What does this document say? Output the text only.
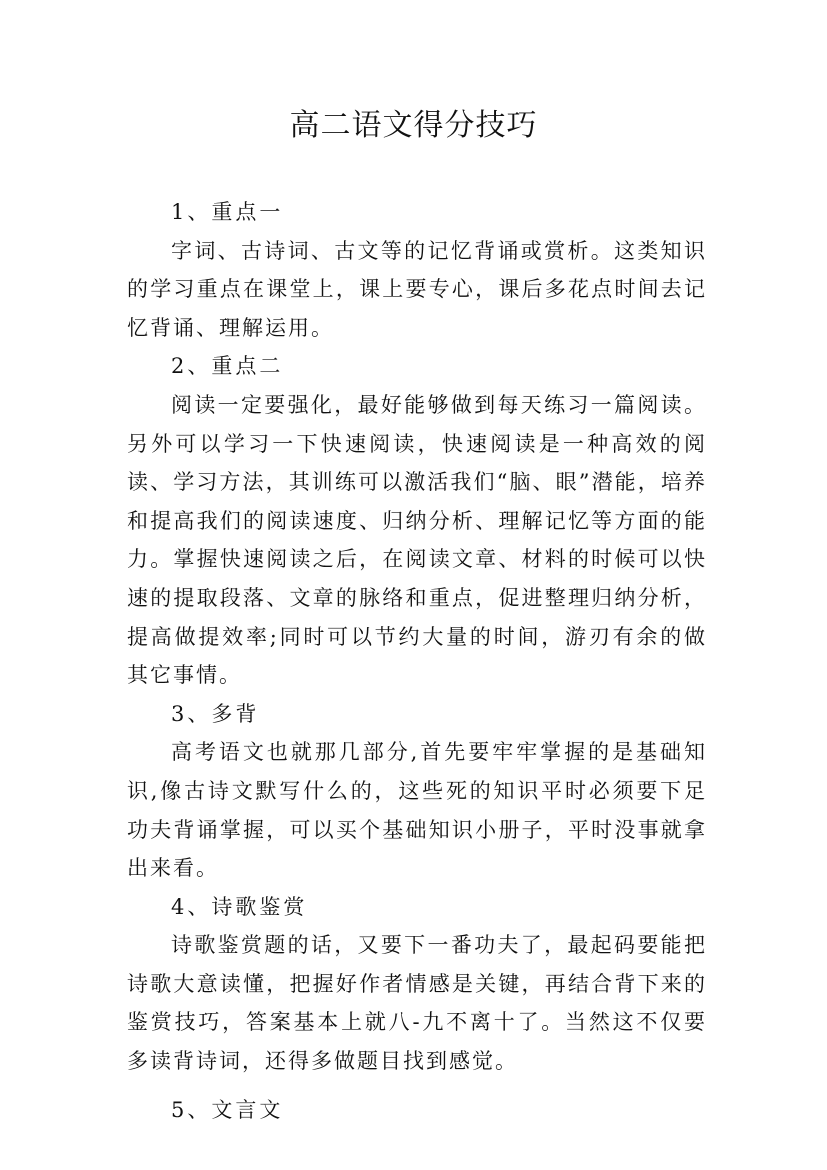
高二语文得分技巧

1、重点一

字词、古诗词、古文等的记忆背诵或赏析。这类知识的学习重点在课堂上，课上要专心，课后多花点时间去记忆背诵、理解运用。

2、重点二

阅读一定要强化，最好能够做到每天练习一篇阅读。另外可以学习一下快速阅读，快速阅读是一种高效的阅读、学习方法，其训练可以激活我们“脑、眼”潜能，培养和提高我们的阅读速度、归纳分析、理解记忆等方面的能力。掌握快速阅读之后，在阅读文章、材料的时候可以快速的提取段落、文章的脉络和重点，促进整理归纳分析，提高做提效率;同时可以节约大量的时间，游刃有余的做其它事情。

3、多背

高考语文也就那几部分,首先要牢牢掌握的是基础知识,像古诗文默写什么的，这些死的知识平时必须要下足功夫背诵掌握，可以买个基础知识小册子，平时没事就拿出来看。

4、诗歌鉴赏

诗歌鉴赏题的话，又要下一番功夫了，最起码要能把诗歌大意读懂，把握好作者情感是关键，再结合背下来的鉴赏技巧，答案基本上就八-九不离十了。当然这不仅要多读背诗词，还得多做题目找到感觉。

5、文言文
